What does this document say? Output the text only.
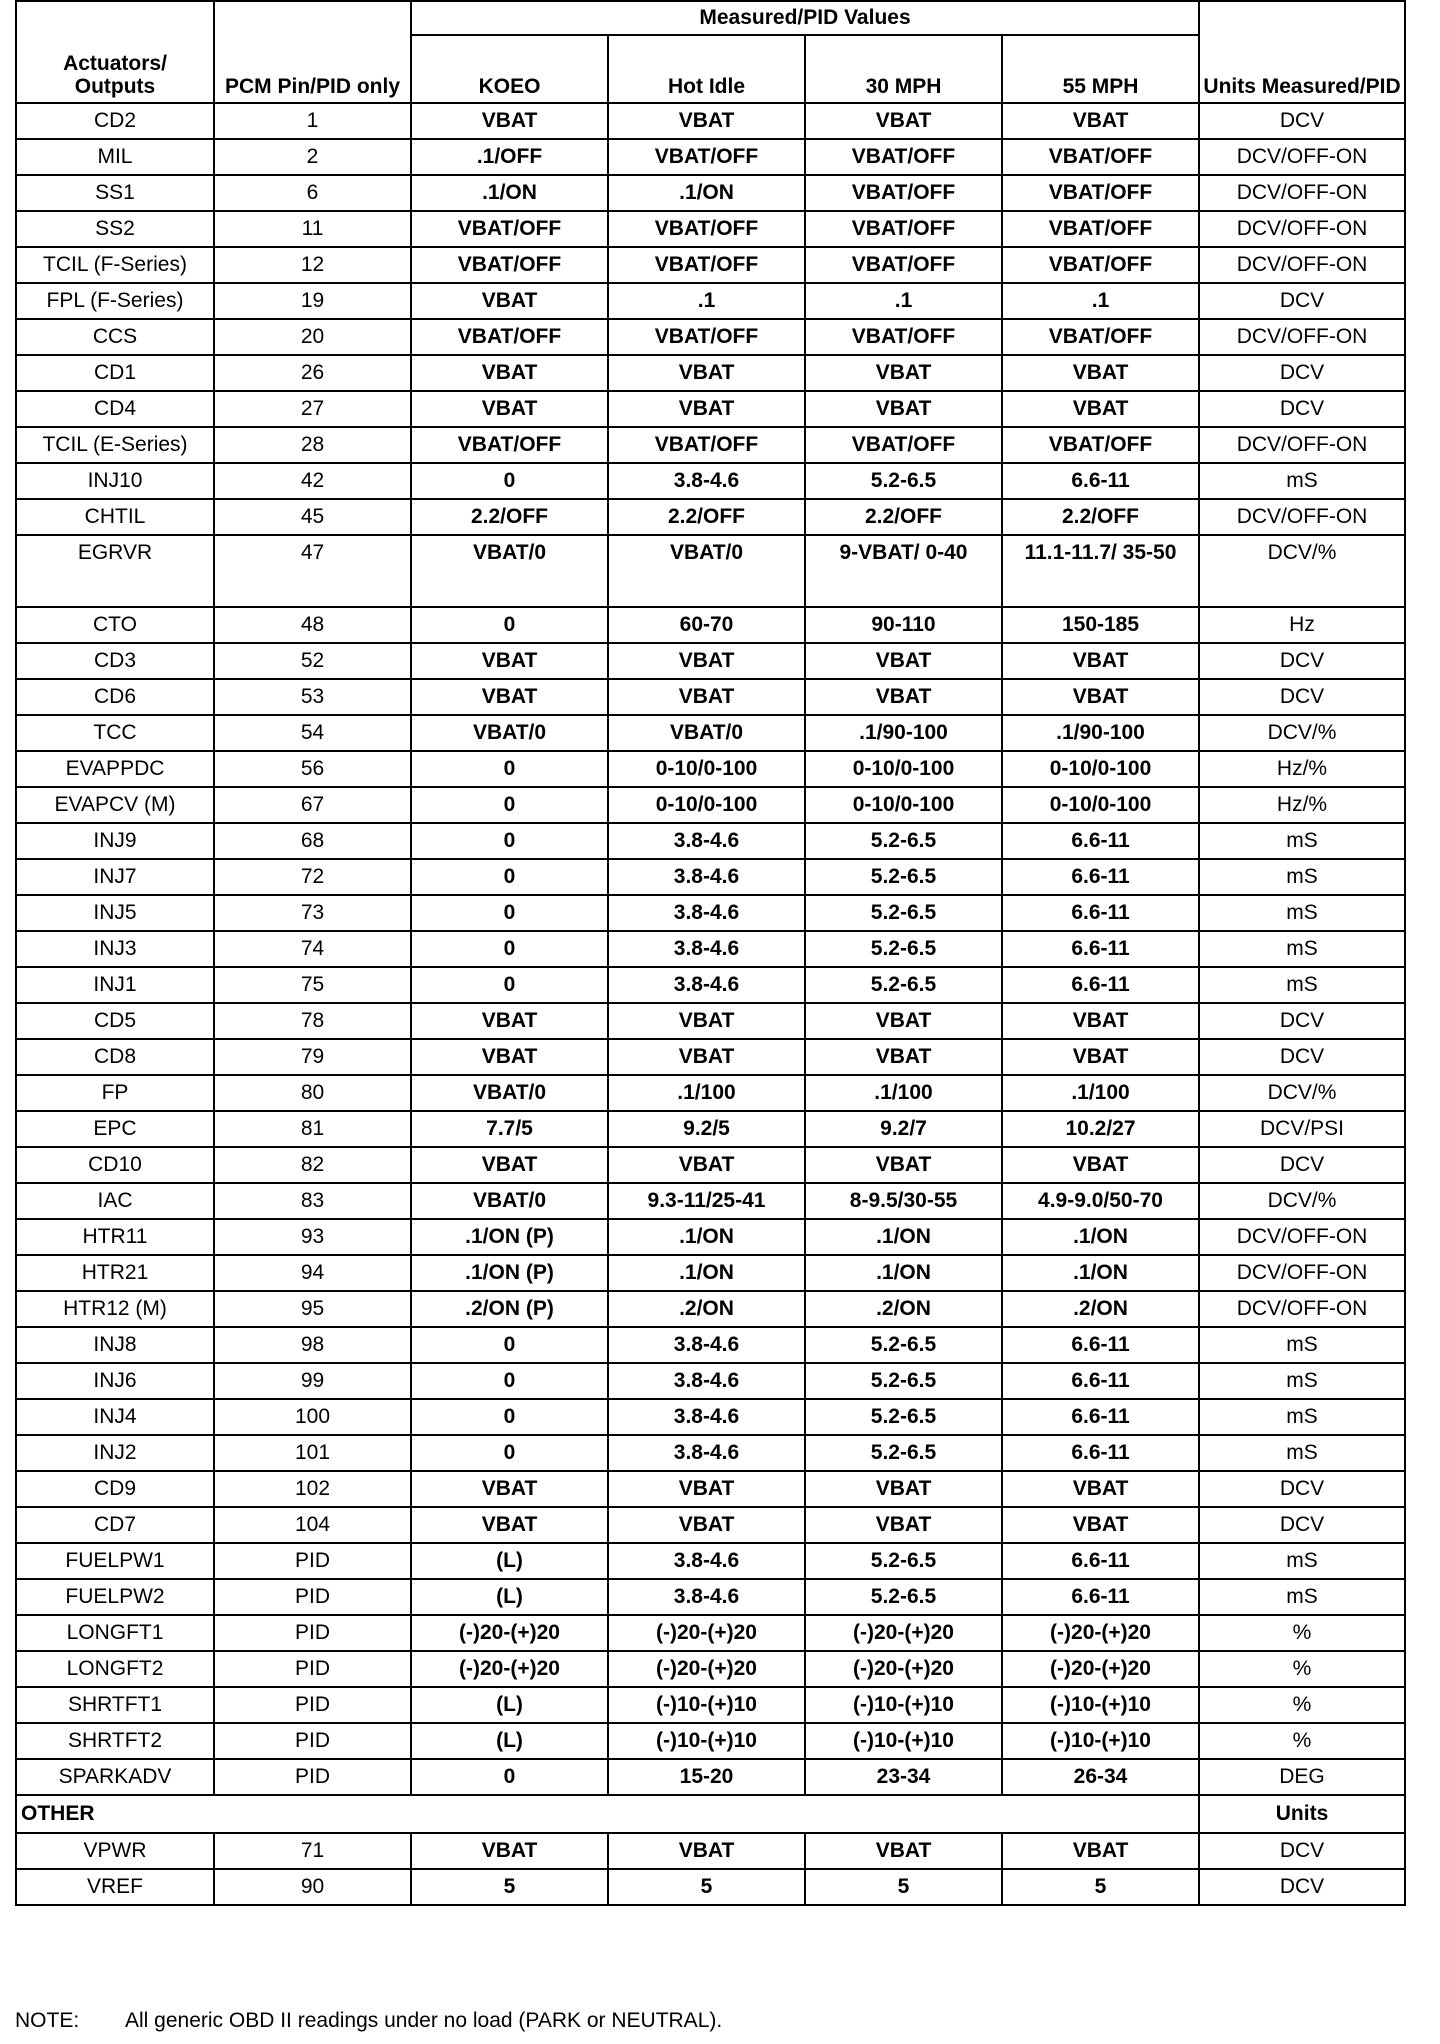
Actuators/ Outputs	PCM Pin/PID only	Measured/PID Values				Units Measured/PID
		KOEO	Hot Idle	30 MPH	55 MPH	
CD2	1	VBAT	VBAT	VBAT	VBAT	DCV
MIL	2	.1/OFF	VBAT/OFF	VBAT/OFF	VBAT/OFF	DCV/OFF-ON
SS1	6	.1/ON	.1/ON	VBAT/OFF	VBAT/OFF	DCV/OFF-ON
SS2	11	VBAT/OFF	VBAT/OFF	VBAT/OFF	VBAT/OFF	DCV/OFF-ON
TCIL (F-Series)	12	VBAT/OFF	VBAT/OFF	VBAT/OFF	VBAT/OFF	DCV/OFF-ON
FPL (F-Series)	19	VBAT	.1	.1	.1	DCV
CCS	20	VBAT/OFF	VBAT/OFF	VBAT/OFF	VBAT/OFF	DCV/OFF-ON
CD1	26	VBAT	VBAT	VBAT	VBAT	DCV
CD4	27	VBAT	VBAT	VBAT	VBAT	DCV
TCIL (E-Series)	28	VBAT/OFF	VBAT/OFF	VBAT/OFF	VBAT/OFF	DCV/OFF-ON
INJ10	42	0	3.8-4.6	5.2-6.5	6.6-11	mS
CHTIL	45	2.2/OFF	2.2/OFF	2.2/OFF	2.2/OFF	DCV/OFF-ON
EGRVR	47	VBAT/0	VBAT/0	9-VBAT/ 0-40	11.1-11.7/ 35-50	DCV/%
CTO	48	0	60-70	90-110	150-185	Hz
CD3	52	VBAT	VBAT	VBAT	VBAT	DCV
CD6	53	VBAT	VBAT	VBAT	VBAT	DCV
TCC	54	VBAT/0	VBAT/0	.1/90-100	.1/90-100	DCV/%
EVAPPDC	56	0	0-10/0-100	0-10/0-100	0-10/0-100	Hz/%
EVAPCV (M)	67	0	0-10/0-100	0-10/0-100	0-10/0-100	Hz/%
INJ9	68	0	3.8-4.6	5.2-6.5	6.6-11	mS
INJ7	72	0	3.8-4.6	5.2-6.5	6.6-11	mS
INJ5	73	0	3.8-4.6	5.2-6.5	6.6-11	mS
INJ3	74	0	3.8-4.6	5.2-6.5	6.6-11	mS
INJ1	75	0	3.8-4.6	5.2-6.5	6.6-11	mS
CD5	78	VBAT	VBAT	VBAT	VBAT	DCV
CD8	79	VBAT	VBAT	VBAT	VBAT	DCV
FP	80	VBAT/0	.1/100	.1/100	.1/100	DCV/%
EPC	81	7.7/5	9.2/5	9.2/7	10.2/27	DCV/PSI
CD10	82	VBAT	VBAT	VBAT	VBAT	DCV
IAC	83	VBAT/0	9.3-11/25-41	8-9.5/30-55	4.9-9.0/50-70	DCV/%
HTR11	93	.1/ON (P)	.1/ON	.1/ON	.1/ON	DCV/OFF-ON
HTR21	94	.1/ON (P)	.1/ON	.1/ON	.1/ON	DCV/OFF-ON
HTR12 (M)	95	.2/ON (P)	.2/ON	.2/ON	.2/ON	DCV/OFF-ON
INJ8	98	0	3.8-4.6	5.2-6.5	6.6-11	mS
INJ6	99	0	3.8-4.6	5.2-6.5	6.6-11	mS
INJ4	100	0	3.8-4.6	5.2-6.5	6.6-11	mS
INJ2	101	0	3.8-4.6	5.2-6.5	6.6-11	mS
CD9	102	VBAT	VBAT	VBAT	VBAT	DCV
CD7	104	VBAT	VBAT	VBAT	VBAT	DCV
FUELPW1	PID	(L)	3.8-4.6	5.2-6.5	6.6-11	mS
FUELPW2	PID	(L)	3.8-4.6	5.2-6.5	6.6-11	mS
LONGFT1	PID	(-)20-(+)20	(-)20-(+)20	(-)20-(+)20	(-)20-(+)20	%
LONGFT2	PID	(-)20-(+)20	(-)20-(+)20	(-)20-(+)20	(-)20-(+)20	%
SHRTFT1	PID	(L)	(-)10-(+)10	(-)10-(+)10	(-)10-(+)10	%
SHRTFT2	PID	(L)	(-)10-(+)10	(-)10-(+)10	(-)10-(+)10	%
SPARKADV	PID	0	15-20	23-34	26-34	DEG
OTHER						Units
VPWR	71	VBAT	VBAT	VBAT	VBAT	DCV
VREF	90	5	5	5	5	DCV
NOTE: All generic OBD II readings under no load (PARK or NEUTRAL).
